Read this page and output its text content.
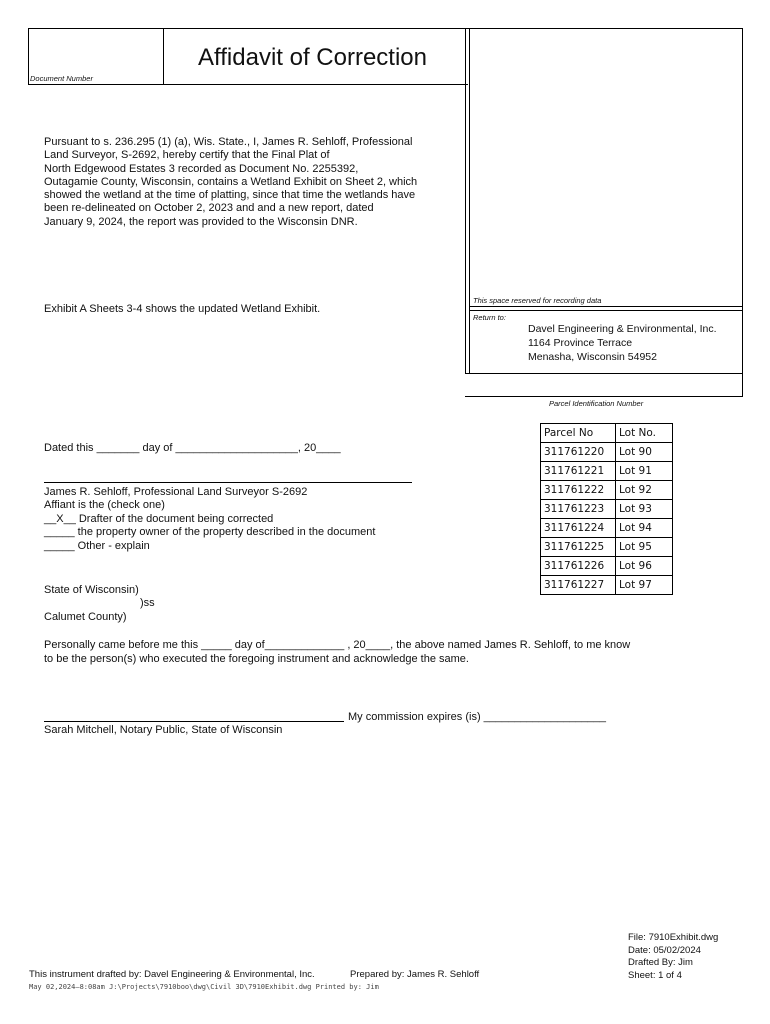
Affidavit of Correction
Document Number
This space reserved for recording data
Return to:
Davel Engineering & Environmental, Inc.
1164 Province Terrace
Menasha, Wisconsin 54952
Parcel Identification Number
Pursuant to s. 236.295 (1) (a), Wis. State., I, James R. Sehloff, Professional
Land Surveyor, S-2692, hereby certify that the Final Plat of
North Edgewood Estates 3 recorded as Document No. 2255392,
Outagamie County, Wisconsin, contains a Wetland Exhibit on Sheet 2, which
showed the wetland at the time of platting, since that time the wetlands have
been re-delineated on October 2, 2023 and and a new report, dated
January 9, 2024, the report was provided to the Wisconsin DNR.
Exhibit A Sheets 3-4 shows the updated Wetland Exhibit.
Dated this _______ day of ____________________, 20____
James R. Sehloff, Professional Land Surveyor S-2692
Affiant is the (check one)
__X__ Drafter of the document being corrected
_____ the property owner of the property described in the document
_____ Other - explain
State of Wisconsin)
)ss
Calumet County)
Personally came before me this _____ day of_____________ , 20____, the above named James R. Sehloff, to me know
to be the person(s) who executed the foregoing instrument and acknowledge the same.
My commission expires (is) ____________________
Sarah Mitchell, Notary Public, State of Wisconsin
Parcel No	Lot No.
311761220	Lot 90
311761221	Lot 91
311761222	Lot 92
311761223	Lot 93
311761224	Lot 94
311761225	Lot 95
311761226	Lot 96
311761227	Lot 97
File: 7910Exhibit.dwg
Date: 05/02/2024
Drafted By: Jim
Sheet: 1 of 4
This instrument drafted by: Davel Engineering & Environmental, Inc.	Prepared by: James R. Sehloff
May 02,2024—8:08am J:\Projects\7910boo\dwg\Civil 3D\7910Exhibit.dwg Printed by: Jim
